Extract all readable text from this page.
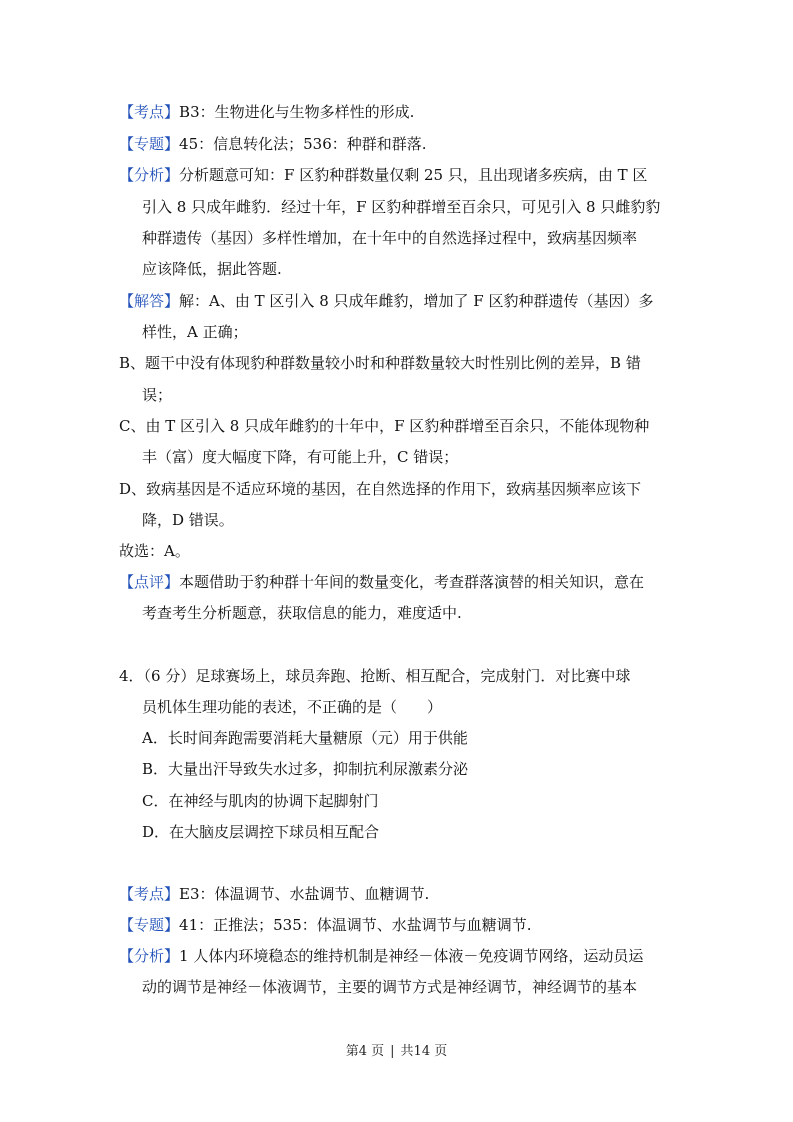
【考点】B3：生物进化与生物多样性的形成.
【专题】45：信息转化法；536：种群和群落.
【分析】分析题意可知：F 区豹种群数量仅剩 25 只，且出现诸多疾病，由 T 区
引入 8 只成年雌豹．经过十年，F 区豹种群增至百余只，可见引入 8 只雌豹豹
种群遗传（基因）多样性增加，在十年中的自然选择过程中，致病基因频率
应该降低，据此答题.
【解答】解：A、由 T 区引入 8 只成年雌豹，增加了 F 区豹种群遗传（基因）多
样性，A 正确；
B、题干中没有体现豹种群数量较小时和种群数量较大时性别比例的差异，B 错
误；
C、由 T 区引入 8 只成年雌豹的十年中，F 区豹种群增至百余只，不能体现物种
丰（富）度大幅度下降，有可能上升，C 错误；
D、致病基因是不适应环境的基因，在自然选择的作用下，致病基因频率应该下
降，D 错误。
故选：A。
【点评】本题借助于豹种群十年间的数量变化，考查群落演替的相关知识，意在
考查考生分析题意，获取信息的能力，难度适中.
4．（6 分）足球赛场上，球员奔跑、抢断、相互配合，完成射门．对比赛中球
员机体生理功能的表述，不正确的是（　　）
A．长时间奔跑需要消耗大量糖原（元）用于供能
B．大量出汗导致失水过多，抑制抗利尿激素分泌
C．在神经与肌肉的协调下起脚射门
D．在大脑皮层调控下球员相互配合
【考点】E3：体温调节、水盐调节、血糖调节.
【专题】41：正推法；535：体温调节、水盐调节与血糖调节.
【分析】1 人体内环境稳态的维持机制是神经－体液－免疫调节网络，运动员运
动的调节是神经－体液调节，主要的调节方式是神经调节，神经调节的基本
第4 页 | 共14 页
